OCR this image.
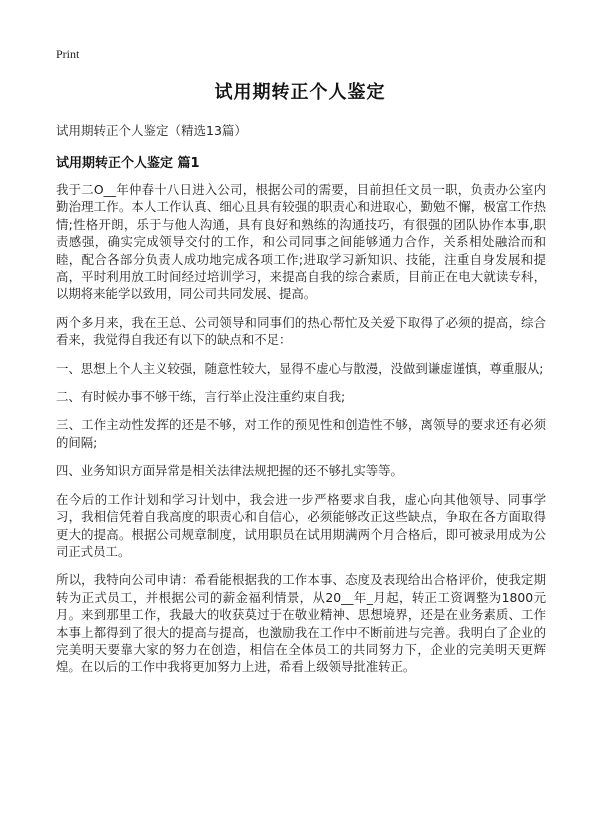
Print
试用期转正个人鉴定
试用期转正个人鉴定（精选13篇）
试用期转正个人鉴定 篇1

我于二O__年仲春十八日进入公司，根据公司的需要，目前担任文员一职，负责办公室内勤治理工作。本人工作认真、细心且具有较强的职责心和进取心，勤勉不懈，极富工作热情;性格开朗，乐于与他人沟通，具有良好和熟练的沟通技巧，有很强的团队协作本事,职责感强，确实完成领导交付的工作，和公司同事之间能够通力合作，关系相处融洽而和睦，配合各部分负责人成功地完成各项工作;进取学习新知识、技能，注重自身发展和提高，平时利用放工时间经过培训学习，来提高自我的综合素质，目前正在电大就读专科，以期将来能学以致用，同公司共同发展、提高。

两个多月来，我在王总、公司领导和同事们的热心帮忙及关爱下取得了必须的提高，综合看来，我觉得自我还有以下的缺点和不足：

一、思想上个人主义较强，随意性较大，显得不虚心与散漫，没做到谦虚谨慎，尊重服从;

二、有时候办事不够干练，言行举止没注重约束自我;

三、工作主动性发挥的还是不够，对工作的预见性和创造性不够，离领导的要求还有必须的间隔;

四、业务知识方面异常是相关法律法规把握的还不够扎实等等。

在今后的工作计划和学习计划中，我会进一步严格要求自我，虚心向其他领导、同事学习，我相信凭着自我高度的职责心和自信心，必须能够改正这些缺点，争取在各方面取得更大的提高。根据公司规章制度，试用职员在试用期满两个月合格后，即可被录用成为公司正式员工。

所以，我特向公司申请：希看能根据我的工作本事、态度及表现给出合格评价，使我定期转为正式员工，并根据公司的薪金福利情景，从20__年_月起，转正工资调整为1800元月。来到那里工作，我最大的收获莫过于在敬业精神、思想境界，还是在业务素质、工作本事上都得到了很大的提高与提高，也激励我在工作中不断前进与完善。我明白了企业的完美明天要靠大家的努力在创造，相信在全体员工的共同努力下，企业的完美明天更辉煌。在以后的工作中我将更加努力上进，希看上级领导批准转正。
